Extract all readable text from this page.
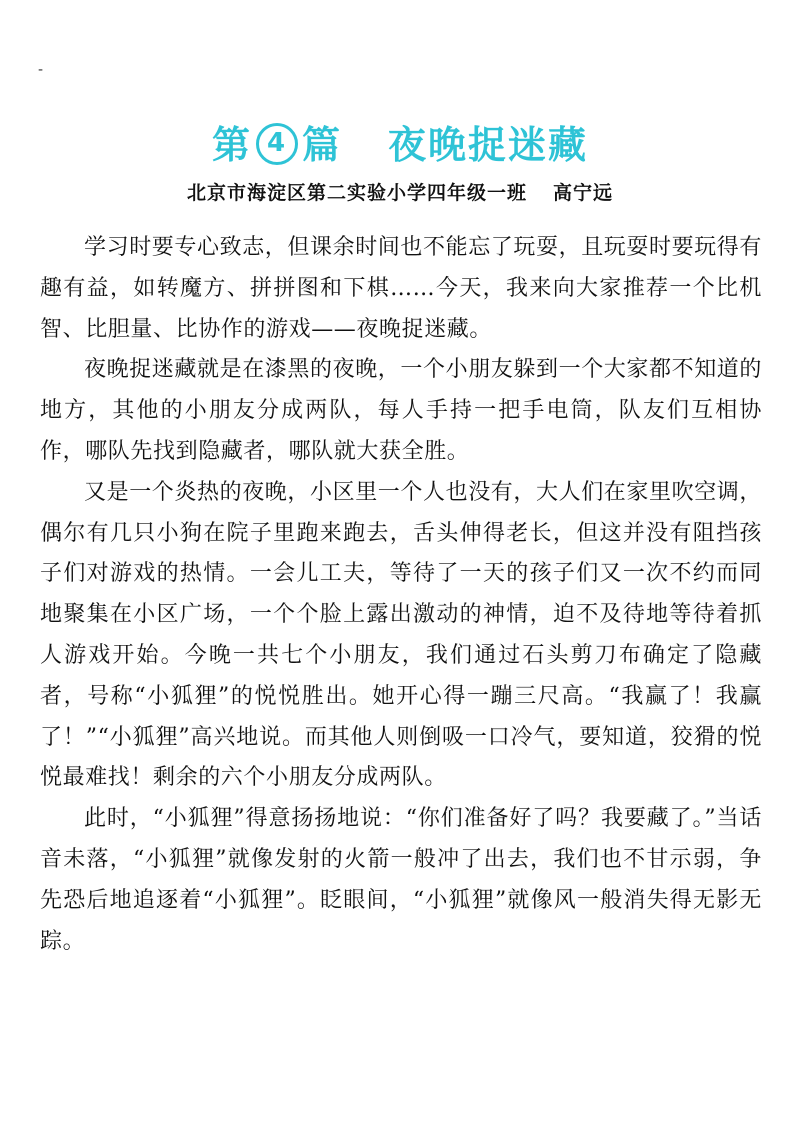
-
第 4 篇 夜晚捉迷藏
北京市海淀区第二实验小学四年级一班 高宁远

学习时要专心致志，但课余时间也不能忘了玩耍，且玩耍时要玩得有趣有益，如转魔方、拼拼图和下棋……今天，我来向大家推荐一个比机智、比胆量、比协作的游戏——夜晚捉迷藏。

夜晚捉迷藏就是在漆黑的夜晚，一个小朋友躲到一个大家都不知道的地方，其他的小朋友分成两队，每人手持一把手电筒，队友们互相协作，哪队先找到隐藏者，哪队就大获全胜。

又是一个炎热的夜晚，小区里一个人也没有，大人们在家里吹空调，偶尔有几只小狗在院子里跑来跑去，舌头伸得老长，但这并没有阻挡孩子们对游戏的热情。一会儿工夫，等待了一天的孩子们又一次不约而同地聚集在小区广场，一个个脸上露出激动的神情，迫不及待地等待着抓人游戏开始。今晚一共七个小朋友，我们通过石头剪刀布确定了隐藏者，号称“小狐狸”的悦悦胜出。她开心得一蹦三尺高。“我赢了！我赢了！”“小狐狸”高兴地说。而其他人则倒吸一口冷气，要知道，狡猾的悦悦最难找！剩余的六个小朋友分成两队。

此时，“小狐狸”得意扬扬地说：“你们准备好了吗？我要藏了。”当话音未落，“小狐狸”就像发射的火箭一般冲了出去，我们也不甘示弱，争先恐后地追逐着“小狐狸”。眨眼间，“小狐狸”就像风一般消失得无影无踪。
